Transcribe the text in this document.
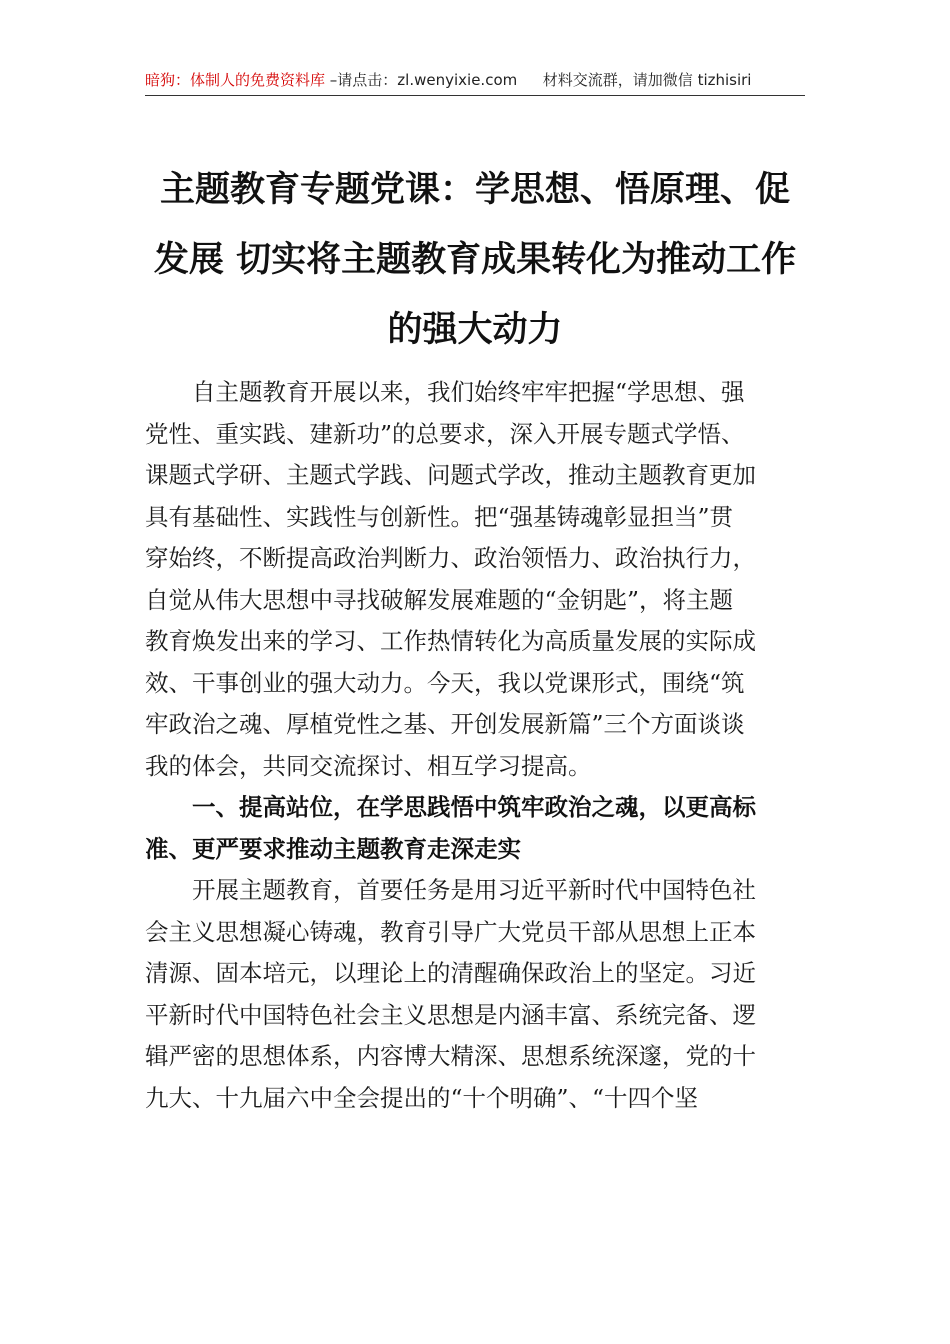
暗狗：体制人的免费资料库 –请点击：zl.wenyixie.com 材料交流群，请加微信 tizhisiri
主题教育专题党课：学思想、悟原理、促
发展 切实将主题教育成果转化为推动工作
的强大动力

自主题教育开展以来，我们始终牢牢把握“学思想、强
党性、重实践、建新功”的总要求，深入开展专题式学悟、
课题式学研、主题式学践、问题式学改，推动主题教育更加
具有基础性、实践性与创新性。把“强基铸魂彰显担当”贯
穿始终，不断提高政治判断力、政治领悟力、政治执行力，
自觉从伟大思想中寻找破解发展难题的“金钥匙”，将主题
教育焕发出来的学习、工作热情转化为高质量发展的实际成
效、干事创业的强大动力。今天，我以党课形式，围绕“筑
牢政治之魂、厚植党性之基、开创发展新篇”三个方面谈谈
我的体会，共同交流探讨、相互学习提高。

一、提高站位，在学思践悟中筑牢政治之魂，以更高标
准、更严要求推动主题教育走深走实

开展主题教育，首要任务是用习近平新时代中国特色社
会主义思想凝心铸魂，教育引导广大党员干部从思想上正本
清源、固本培元，以理论上的清醒确保政治上的坚定。习近
平新时代中国特色社会主义思想是内涵丰富、系统完备、逻
辑严密的思想体系，内容博大精深、思想系统深邃，党的十
九大、十九届六中全会提出的“十个明确”、“十四个坚
